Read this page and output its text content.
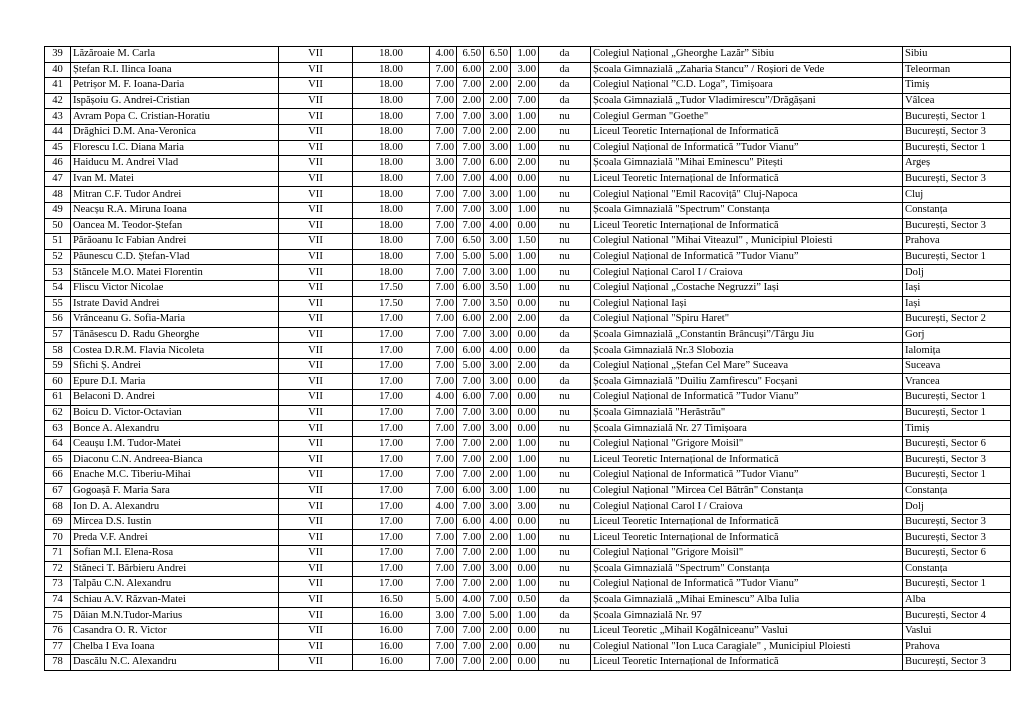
39	Lăzăroaie M. Carla	VII	18.00	4.00	6.50	6.50	1.00	da	Colegiul Național „Gheorghe Lazăr” Sibiu	Sibiu
40	Ștefan R.I. Ilinca Ioana	VII	18.00	7.00	6.00	2.00	3.00	da	Școala Gimnazială „Zaharia Stancu” / Roșiori de Vede	Teleorman
41	Petrișor M. F. Ioana-Daria	VII	18.00	7.00	7.00	2.00	2.00	da	Colegiul Național ”C.D. Loga”, Timișoara	Timiș
42	Ispășoiu G. Andrei-Cristian	VII	18.00	7.00	2.00	2.00	7.00	da	Școala Gimnazială „Tudor Vladimirescu”/Drăgășani	Vâlcea
43	Avram Popa C. Cristian-Horatiu	VII	18.00	7.00	7.00	3.00	1.00	nu	Colegiul German "Goethe"	București, Sector 1
44	Drăghici D.M. Ana-Veronica	VII	18.00	7.00	7.00	2.00	2.00	nu	Liceul Teoretic Internațional de Informatică	București, Sector 3
45	Florescu I.C. Diana Maria	VII	18.00	7.00	7.00	3.00	1.00	nu	Colegiul Național de Informatică ”Tudor Vianu”	București, Sector 1
46	Haiducu M. Andrei Vlad	VII	18.00	3.00	7.00	6.00	2.00	nu	Școala Gimnazială "Mihai Eminescu" Pitești	Argeș
47	Ivan M. Matei	VII	18.00	7.00	7.00	4.00	0.00	nu	Liceul Teoretic Internațional de Informatică	București, Sector 3
48	Mitran C.F. Tudor Andrei	VII	18.00	7.00	7.00	3.00	1.00	nu	Colegiul Național "Emil Racoviță" Cluj-Napoca	Cluj
49	Neacșu R.A. Miruna Ioana	VII	18.00	7.00	7.00	3.00	1.00	nu	Școala Gimnazială "Spectrum" Constanța	Constanța
50	Oancea M. Teodor-Ștefan	VII	18.00	7.00	7.00	4.00	0.00	nu	Liceul Teoretic Internațional de Informatică	București, Sector 3
51	Părăoanu Ic Fabian Andrei	VII	18.00	7.00	6.50	3.00	1.50	nu	Colegiul National "Mihai Viteazul" , Municipiul Ploiesti	Prahova
52	Păunescu C.D. Ștefan-Vlad	VII	18.00	7.00	5.00	5.00	1.00	nu	Colegiul Național de Informatică ”Tudor Vianu”	București, Sector 1
53	Stăncele M.O. Matei Florentin	VII	18.00	7.00	7.00	3.00	1.00	nu	Colegiul Național Carol I / Craiova	Dolj
54	Fliscu Victor Nicolae	VII	17.50	7.00	6.00	3.50	1.00	nu	Colegiul Național „Costache Negruzzi” Iași	Iași
55	Istrate David Andrei	VII	17.50	7.00	7.00	3.50	0.00	nu	Colegiul Național Iași	Iași
56	Vrânceanu G. Sofia-Maria	VII	17.00	7.00	6.00	2.00	2.00	da	Colegiul Național "Spiru Haret"	București, Sector 2
57	Tănăsescu D. Radu Gheorghe	VII	17.00	7.00	7.00	3.00	0.00	da	Școala Gimnazială „Constantin Brâncuși”/Târgu Jiu	Gorj
58	Costea D.R.M. Flavia Nicoleta	VII	17.00	7.00	6.00	4.00	0.00	da	Școala Gimnazială Nr.3 Slobozia	Ialomița
59	Sfichi Ș. Andrei	VII	17.00	7.00	5.00	3.00	2.00	da	Colegiul Național „Ștefan Cel Mare” Suceava	Suceava
60	Epure D.I. Maria	VII	17.00	7.00	7.00	3.00	0.00	da	Școala Gimnazială "Duiliu Zamfirescu" Focșani	Vrancea
61	Belaconi D. Andrei	VII	17.00	4.00	6.00	7.00	0.00	nu	Colegiul Național de Informatică ”Tudor Vianu”	București, Sector 1
62	Boicu D. Victor-Octavian	VII	17.00	7.00	7.00	3.00	0.00	nu	Școala Gimnazială "Herăstrău"	București, Sector 1
63	Bonce A. Alexandru	VII	17.00	7.00	7.00	3.00	0.00	nu	Școala Gimnazială Nr. 27 Timișoara	Timiș
64	Ceaușu I.M. Tudor-Matei	VII	17.00	7.00	7.00	2.00	1.00	nu	Colegiul Național "Grigore Moisil"	București, Sector 6
65	Diaconu C.N. Andreea-Bianca	VII	17.00	7.00	7.00	2.00	1.00	nu	Liceul Teoretic Internațional de Informatică	București, Sector 3
66	Enache M.C. Tiberiu-Mihai	VII	17.00	7.00	7.00	2.00	1.00	nu	Colegiul Național de Informatică ”Tudor Vianu”	București, Sector 1
67	Gogoașă F. Maria Sara	VII	17.00	7.00	6.00	3.00	1.00	nu	Colegiul Național "Mircea Cel Bătrân" Constanța	Constanța
68	Ion D. A. Alexandru	VII	17.00	4.00	7.00	3.00	3.00	nu	Colegiul Național Carol I / Craiova	Dolj
69	Mircea D.S. Iustin	VII	17.00	7.00	6.00	4.00	0.00	nu	Liceul Teoretic Internațional de Informatică	București, Sector 3
70	Preda V.F. Andrei	VII	17.00	7.00	7.00	2.00	1.00	nu	Liceul Teoretic Internațional de Informatică	București, Sector 3
71	Sofian M.I. Elena-Rosa	VII	17.00	7.00	7.00	2.00	1.00	nu	Colegiul Național "Grigore Moisil"	București, Sector 6
72	Stăneci T. Bărbieru Andrei	VII	17.00	7.00	7.00	3.00	0.00	nu	Școala Gimnazială "Spectrum" Constanța	Constanța
73	Talpău C.N. Alexandru	VII	17.00	7.00	7.00	2.00	1.00	nu	Colegiul Național de Informatică ”Tudor Vianu”	București, Sector 1
74	Schiau A.V. Răzvan-Matei	VII	16.50	5.00	4.00	7.00	0.50	da	Școala Gimnazială „Mihai Eminescu” Alba Iulia	Alba
75	Dăian M.N.Tudor-Marius	VII	16.00	3.00	7.00	5.00	1.00	da	Școala Gimnazială Nr. 97	București, Sector 4
76	Casandra O. R. Victor	VII	16.00	7.00	7.00	2.00	0.00	nu	Liceul Teoretic „Mihail Kogălniceanu” Vaslui	Vaslui
77	Chelba I Eva Ioana	VII	16.00	7.00	7.00	2.00	0.00	nu	Colegiul National "Ion Luca Caragiale" , Municipiul Ploiesti	Prahova
78	Dascălu N.C. Alexandru	VII	16.00	7.00	7.00	2.00	0.00	nu	Liceul Teoretic Internațional de Informatică	București, Sector 3
